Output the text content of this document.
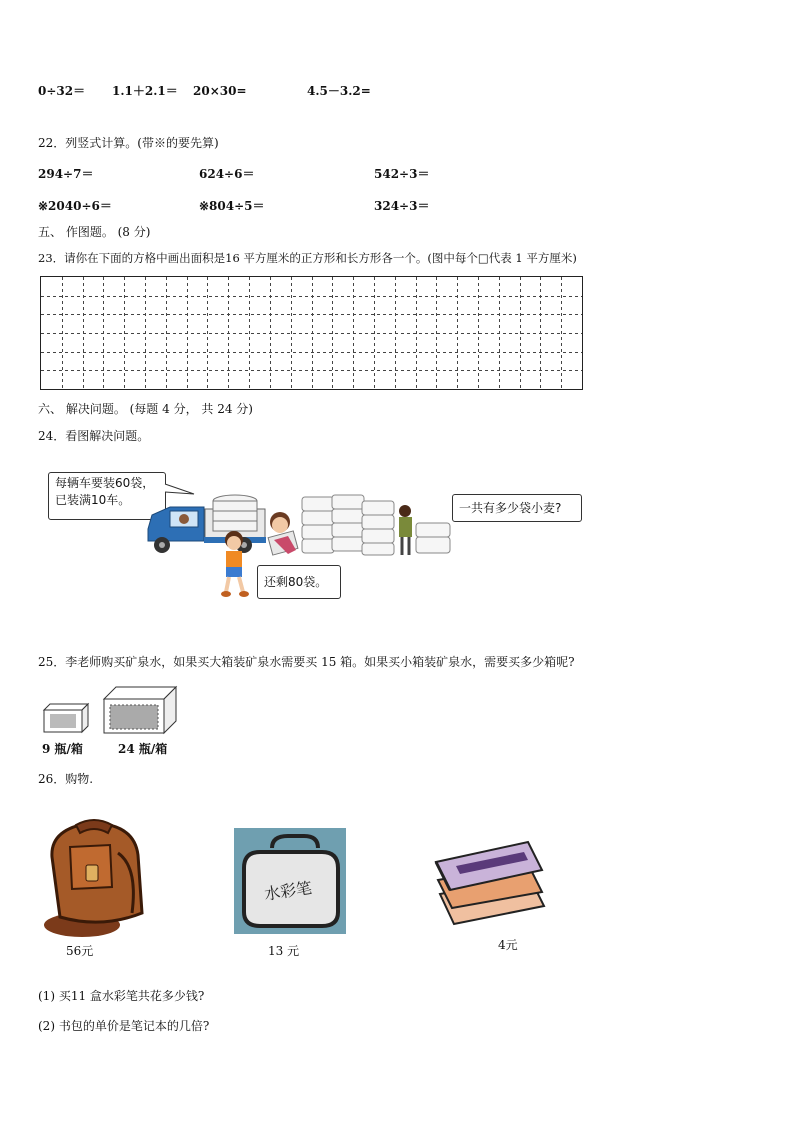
0÷32＝ 1.1＋2.1＝ 20×30=	4.5－3.2=
22．列竖式计算。(带※的要先算)
294÷7＝	624÷6＝	542÷3＝
※2040÷6＝	※804÷5＝	324÷3＝
五、 作图题。 (8 分)
23．请你在下面的方格中画出面积是16 平方厘米的正方形和长方形各一个。(图中每个□代表 1 平方厘米)
六、 解决问题。 (每题 4 分， 共 24 分)
24．看图解决问题。
每辆车要装60袋，已装满10车。
一共有多少袋小麦?
还剩80袋。
25．李老师购买矿泉水，如果买大箱装矿泉水需要买 15 箱。如果买小箱装矿泉水，需要买多少箱呢?
9 瓶/箱	24 瓶/箱
26．购物.
56元
水彩笔
13 元	4元
(1) 买11 盒水彩笔共花多少钱?
(2) 书包的单价是笔记本的几倍?
